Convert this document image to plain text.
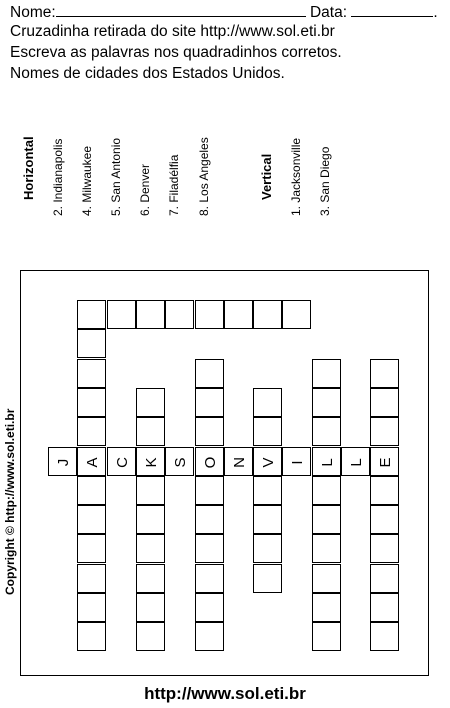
Nome:	Data:	.
Cruzadinha retirada do site http://www.sol.eti.br
Escreva as palavras nos quadradinhos corretos.
Nomes de cidades dos Estados Unidos.
Horizontal 2. Indianapolis 4. Milwaukee 5. San Antonio 6. Denver 7. Filadélfia 8. Los Angeles	Vertical 1. Jacksonville 3. San Diego
Copyright © http://www.sol.eti.br	A	K	O	V	L	E
J	C	S	N	I	L
http://www.sol.eti.br
